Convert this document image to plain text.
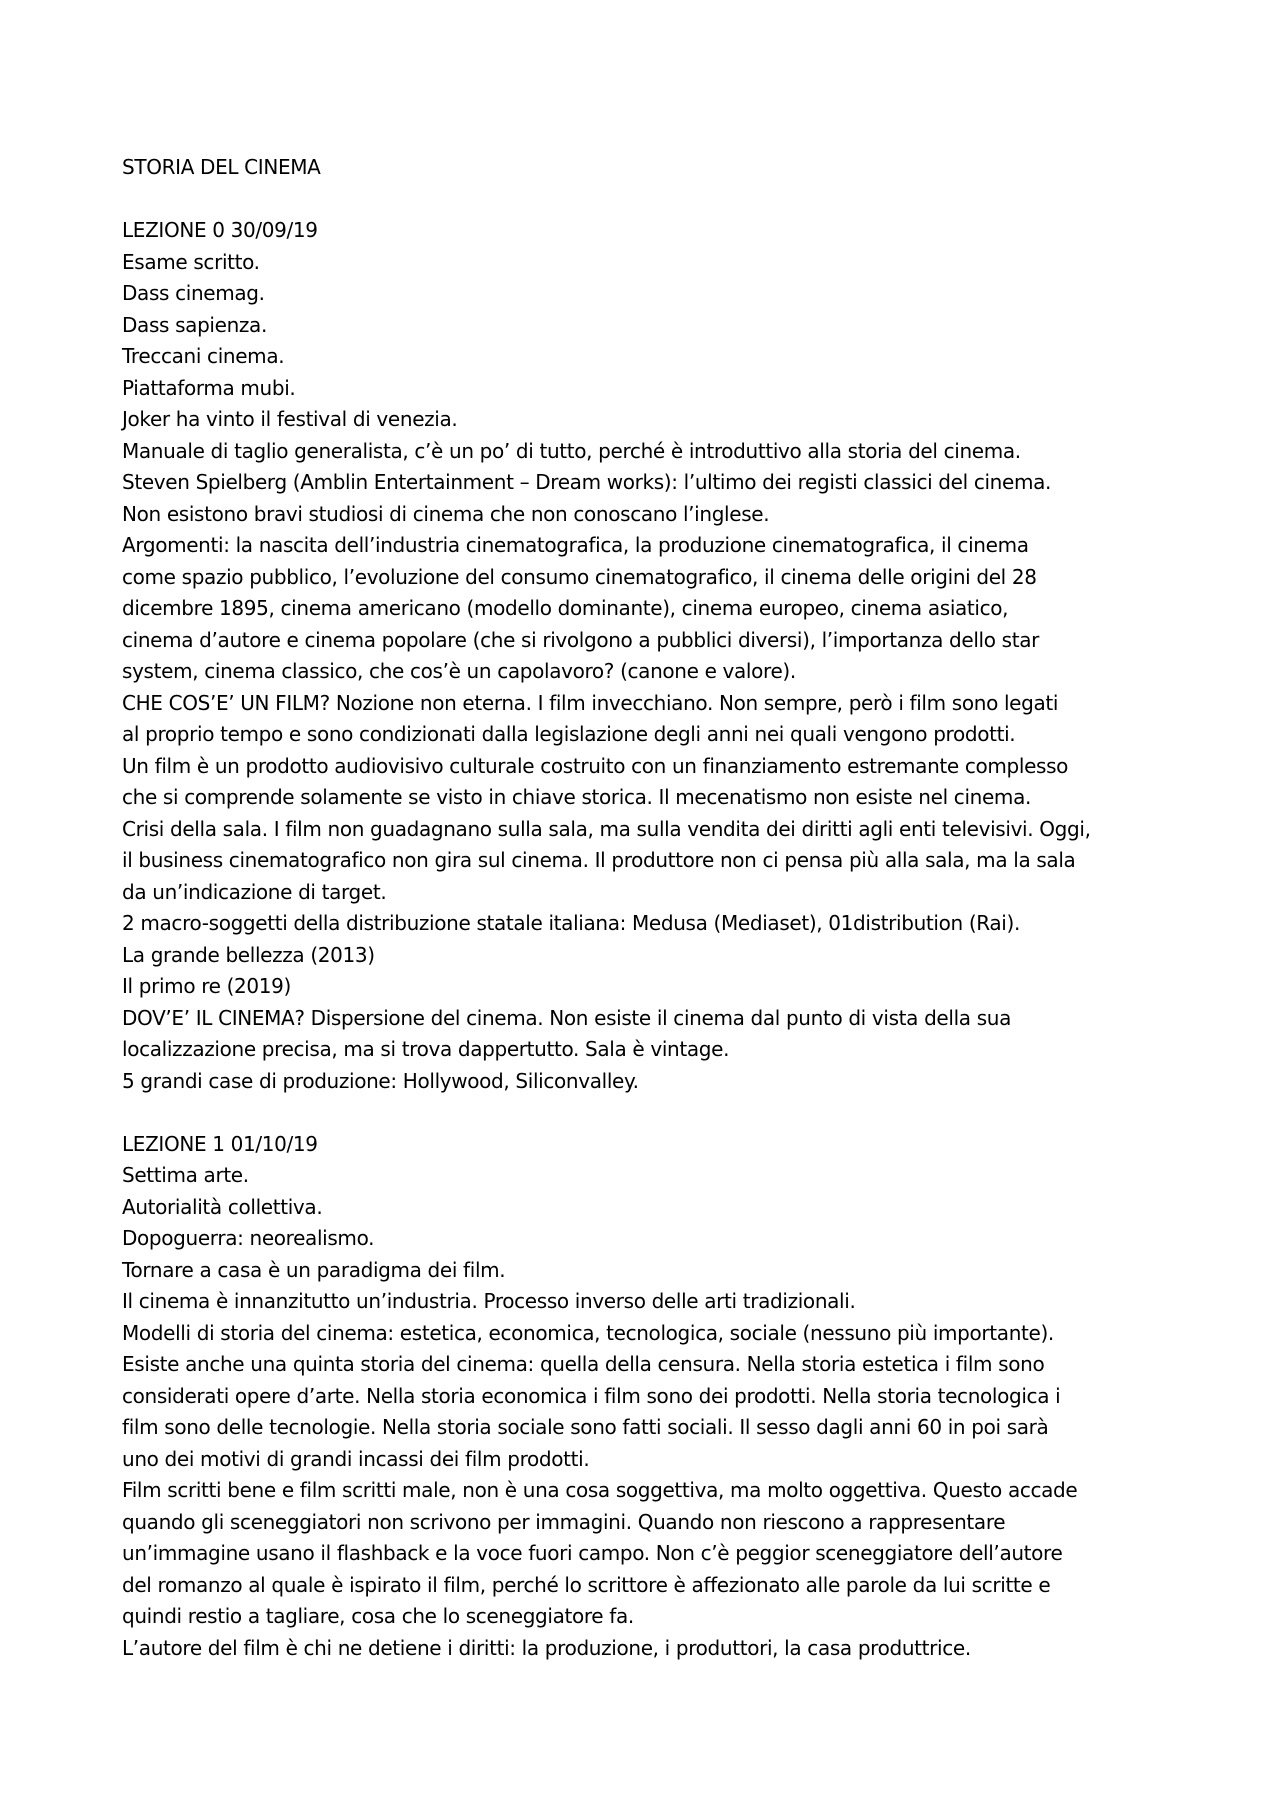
STORIA DEL CINEMA
LEZIONE 0 30/09/19
Esame scritto.
Dass cinemag.
Dass sapienza.
Treccani cinema.
Piattaforma mubi.
Joker ha vinto il festival di venezia.
Manuale di taglio generalista, c’è un po’ di tutto, perché è introduttivo alla storia del cinema.
Steven Spielberg (Amblin Entertainment – Dream works): l’ultimo dei registi classici del cinema.
Non esistono bravi studiosi di cinema che non conoscano l’inglese.
Argomenti: la nascita dell’industria cinematografica, la produzione cinematografica, il cinema
come spazio pubblico, l’evoluzione del consumo cinematografico, il cinema delle origini del 28
dicembre 1895, cinema americano (modello dominante), cinema europeo, cinema asiatico,
cinema d’autore e cinema popolare (che si rivolgono a pubblici diversi), l’importanza dello star
system, cinema classico, che cos’è un capolavoro? (canone e valore).
CHE COS’E’ UN FILM? Nozione non eterna. I film invecchiano. Non sempre, però i film sono legati
al proprio tempo e sono condizionati dalla legislazione degli anni nei quali vengono prodotti.
Un film è un prodotto audiovisivo culturale costruito con un finanziamento estremante complesso
che si comprende solamente se visto in chiave storica. Il mecenatismo non esiste nel cinema.
Crisi della sala. I film non guadagnano sulla sala, ma sulla vendita dei diritti agli enti televisivi. Oggi,
il business cinematografico non gira sul cinema. Il produttore non ci pensa più alla sala, ma la sala
da un’indicazione di target.
2 macro-soggetti della distribuzione statale italiana: Medusa (Mediaset), 01distribution (Rai).
La grande bellezza (2013)
Il primo re (2019)
DOV’E’ IL CINEMA? Dispersione del cinema. Non esiste il cinema dal punto di vista della sua
localizzazione precisa, ma si trova dappertutto. Sala è vintage.
5 grandi case di produzione: Hollywood, Siliconvalley.
LEZIONE 1 01/10/19
Settima arte.
Autorialità collettiva.
Dopoguerra: neorealismo.
Tornare a casa è un paradigma dei film.
Il cinema è innanzitutto un’industria. Processo inverso delle arti tradizionali.
Modelli di storia del cinema: estetica, economica, tecnologica, sociale (nessuno più importante).
Esiste anche una quinta storia del cinema: quella della censura. Nella storia estetica i film sono
considerati opere d’arte. Nella storia economica i film sono dei prodotti. Nella storia tecnologica i
film sono delle tecnologie. Nella storia sociale sono fatti sociali. Il sesso dagli anni 60 in poi sarà
uno dei motivi di grandi incassi dei film prodotti.
Film scritti bene e film scritti male, non è una cosa soggettiva, ma molto oggettiva. Questo accade
quando gli sceneggiatori non scrivono per immagini. Quando non riescono a rappresentare
un’immagine usano il flashback e la voce fuori campo. Non c’è peggior sceneggiatore dell’autore
del romanzo al quale è ispirato il film, perché lo scrittore è affezionato alle parole da lui scritte e
quindi restio a tagliare, cosa che lo sceneggiatore fa.
L’autore del film è chi ne detiene i diritti: la produzione, i produttori, la casa produttrice.
